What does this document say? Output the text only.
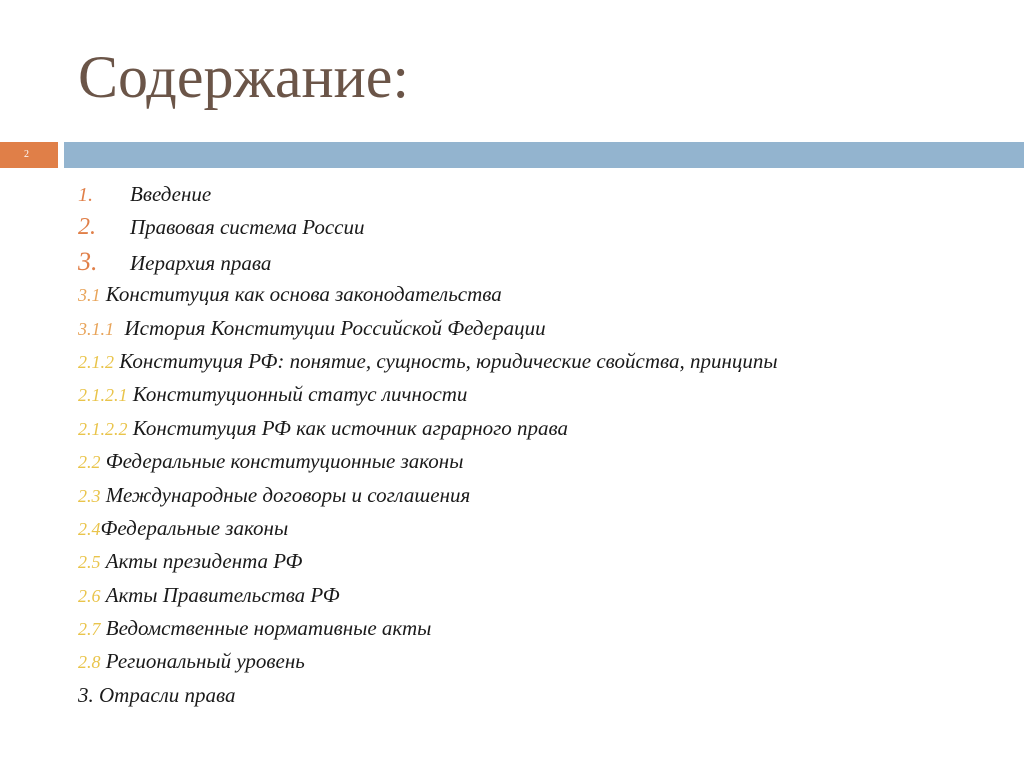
Содержание:
2
1. Введение
2. Правовая система России
3. Иерархия права
3.1 Конституция как основа законодательства
3.1.1 История Конституции Российской Федерации
2.1.2 Конституция РФ: понятие, сущность, юридические свойства, принципы
2.1.2.1 Конституционный статус личности
2.1.2.2 Конституция РФ как источник аграрного права
2.2 Федеральные конституционные законы
2.3 Международные договоры и соглашения
2.4Федеральные законы
2.5 Акты президента РФ
2.6 Акты Правительства РФ
2.7 Ведомственные нормативные акты
2.8 Региональный уровень
3. Отрасли права
